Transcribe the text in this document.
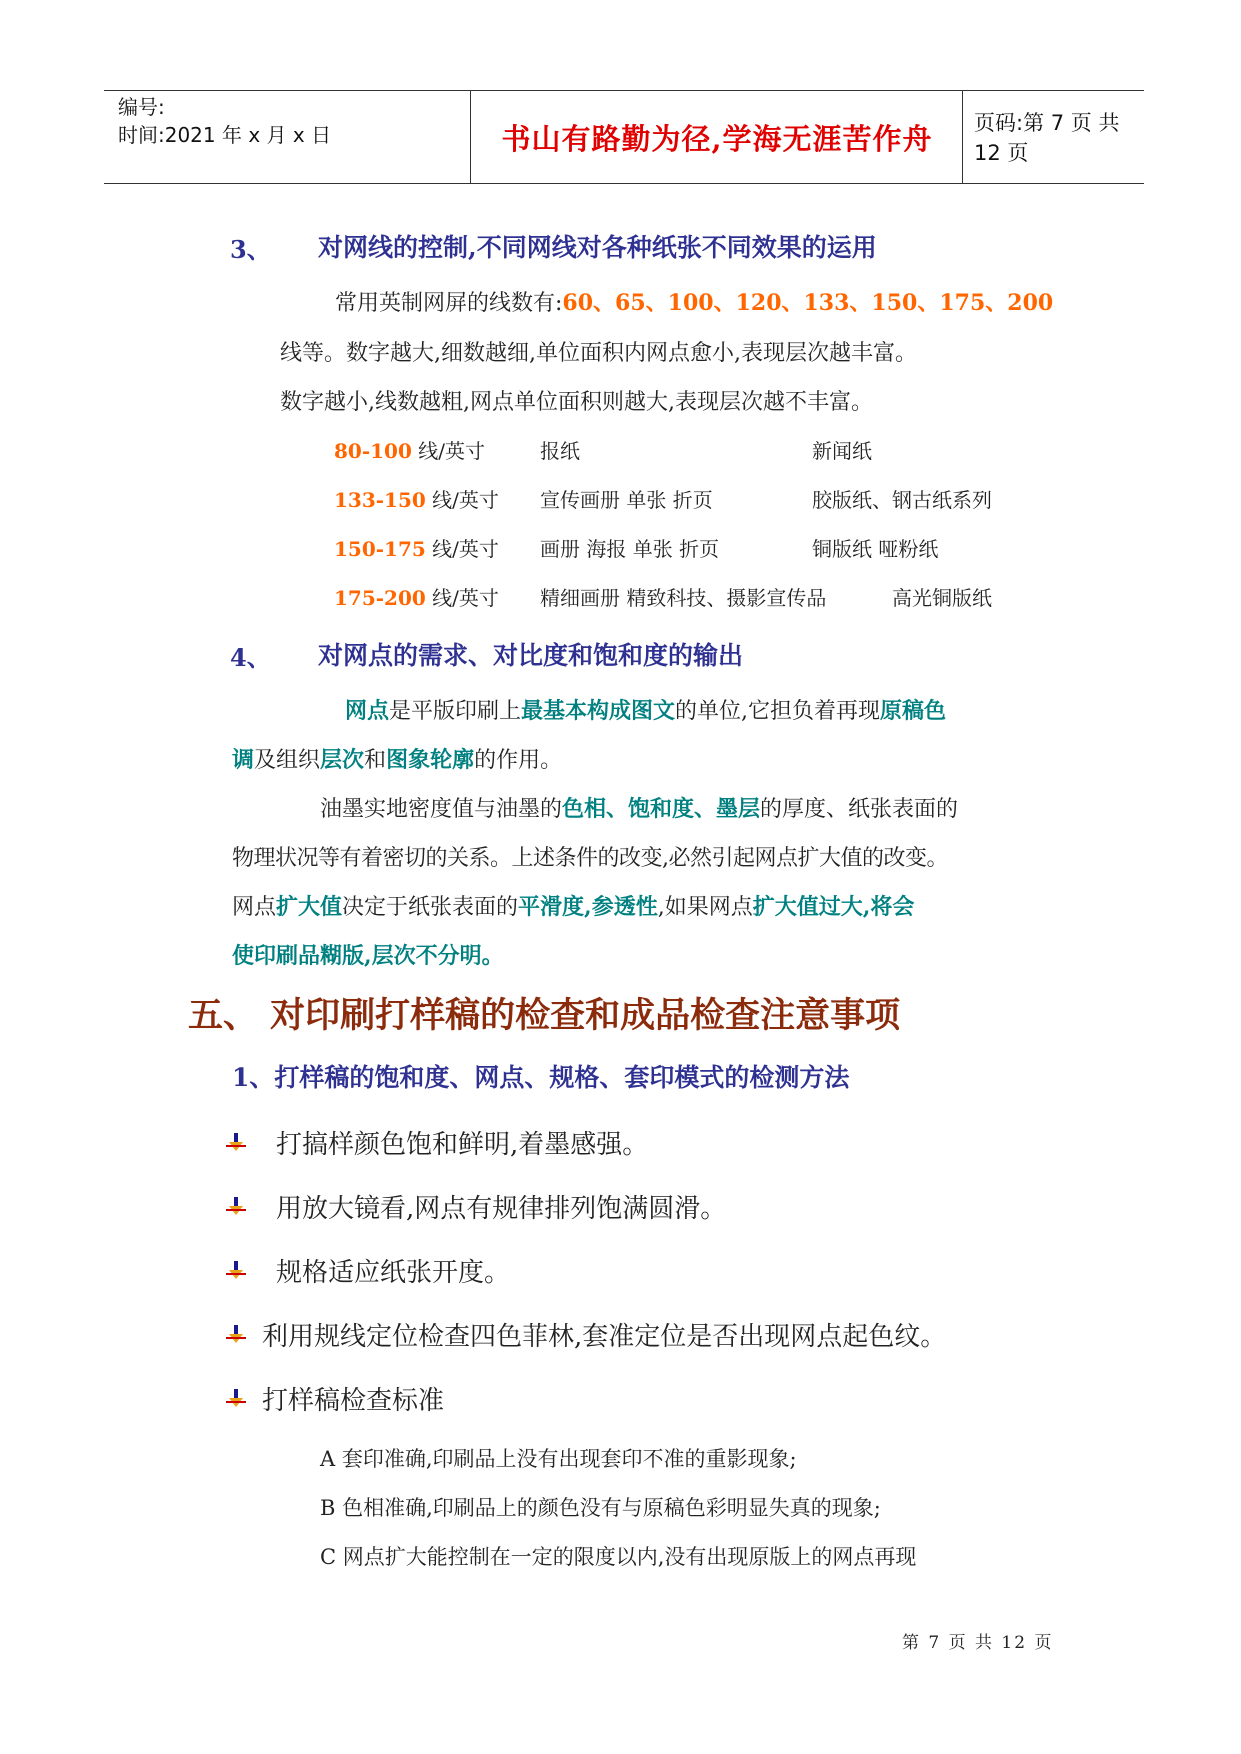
编号:
时间:2021 年 x 月 x 日	书山有路勤为径,学海无涯苦作舟	页码:第 7 页 共 12 页
3、 对网线的控制,不同网线对各种纸张不同效果的运用
常用英制网屏的线数有:60、65、100、120、133、150、175、200
线等。数字越大,细数越细,单位面积内网点愈小,表现层次越丰富。
数字越小,线数越粗,网点单位面积则越大,表现层次越不丰富。
80-100 线/英寸	报纸	新闻纸
133-150 线/英寸 宣传画册 单张 折页	胶版纸、钢古纸系列
150-175 线/英寸 画册 海报 单张 折页	铜版纸 哑粉纸
175-200 线/英寸 精细画册 精致科技、摄影宣传品	高光铜版纸
4、 对网点的需求、对比度和饱和度的输出
网点是平版印刷上最基本构成图文的单位,它担负着再现原稿色
调及组织层次和图象轮廓的作用。
油墨实地密度值与油墨的色相、饱和度、墨层的厚度、纸张表面的
物理状况等有着密切的关系。上述条件的改变,必然引起网点扩大值的改变。
网点扩大值决定于纸张表面的平滑度,参透性,如果网点扩大值过大,将会
使印刷品糊版,层次不分明。
五、 对印刷打样稿的检查和成品检查注意事项
1、打样稿的饱和度、网点、规格、套印模式的检测方法
打搞样颜色饱和鲜明,着墨感强。
用放大镜看,网点有规律排列饱满圆滑。
规格适应纸张开度。
利用规线定位检查四色菲林,套准定位是否出现网点起色纹。
打样稿检查标准
A 套印准确,印刷品上没有出现套印不准的重影现象;
B 色相准确,印刷品上的颜色没有与原稿色彩明显失真的现象;
C 网点扩大能控制在一定的限度以内,没有出现原版上的网点再现
第 7 页 共 12 页
